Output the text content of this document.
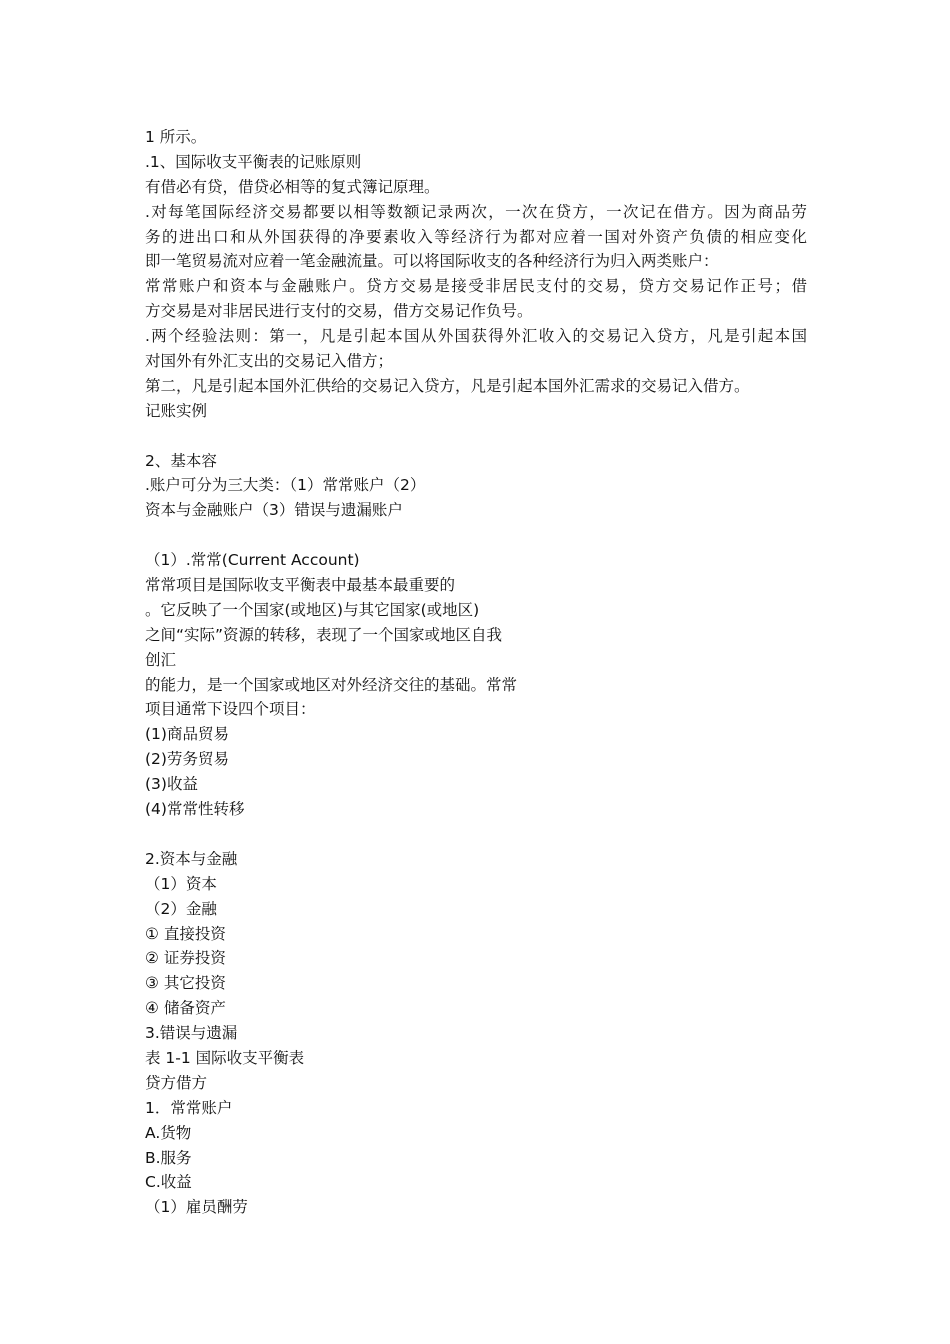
1 所示。

.1、国际收支平衡表的记账原则

有借必有贷，借贷必相等的复式簿记原理。

.对每笔国际经济交易都要以相等数额记录两次，一次在贷方，一次记在借方。因为商品劳

务的进出口和从外国获得的净要素收入等经济行为都对应着一国对外资产负债的相应变化

即一笔贸易流对应着一笔金融流量。可以将国际收支的各种经济行为归入两类账户：

常常账户和资本与金融账户。贷方交易是接受非居民支付的交易，贷方交易记作正号；借

方交易是对非居民进行支付的交易，借方交易记作负号。

.两个经验法则：第一，凡是引起本国从外国获得外汇收入的交易记入贷方，凡是引起本国

对国外有外汇支出的交易记入借方；

第二，凡是引起本国外汇供给的交易记入贷方，凡是引起本国外汇需求的交易记入借方。

记账实例

2、基本容

.账户可分为三大类：（1）常常账户（2）

资本与金融账户（3）错误与遗漏账户

（1）.常常(Current Account)

常常项目是国际收支平衡表中最基本最重要的

。它反映了一个国家(或地区)与其它国家(或地区)

之间“实际”资源的转移，表现了一个国家或地区自我

创汇

的能力，是一个国家或地区对外经济交往的基础。常常

项目通常下设四个项目：

(1)商品贸易

(2)劳务贸易

(3)收益

(4)常常性转移

2.资本与金融

（1）资本

（2）金融

① 直接投资

② 证券投资

③ 其它投资

④ 储备资产

3.错误与遗漏

表 1-1 国际收支平衡表

贷方借方

1．常常账户

A.货物

B.服务

C.收益

（1）雇员酬劳
